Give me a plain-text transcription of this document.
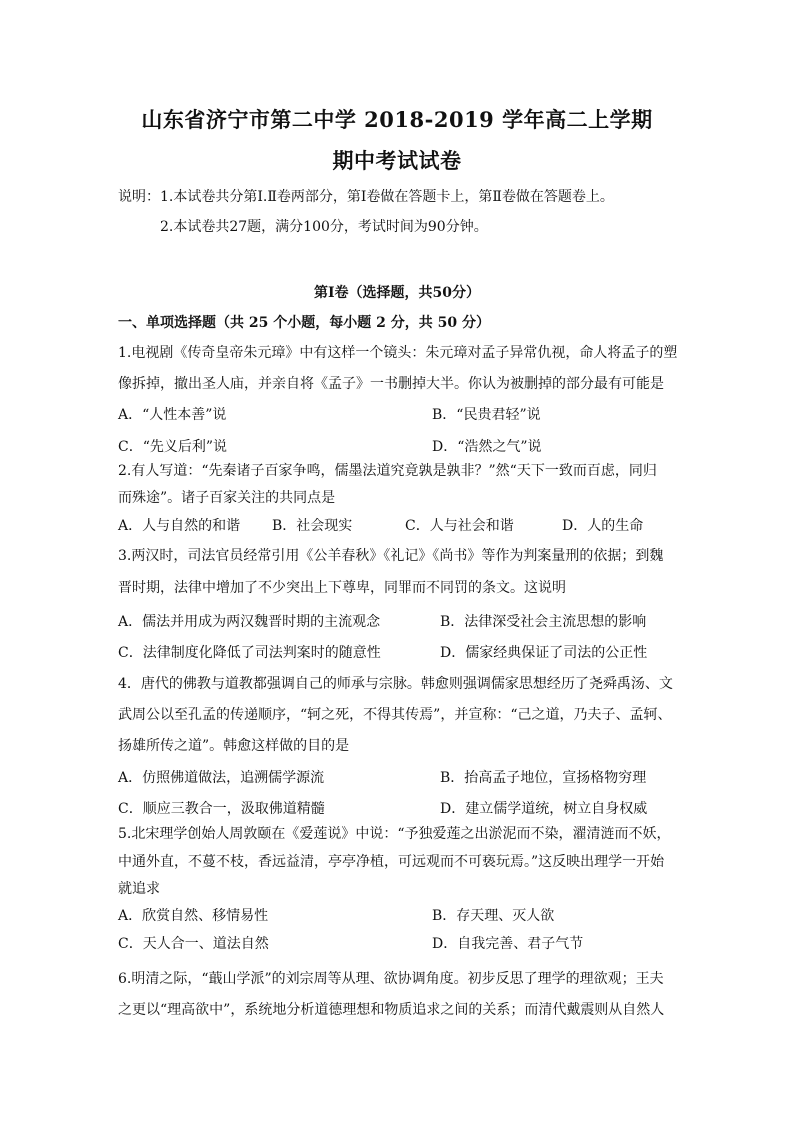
山东省济宁市第二中学 2018-2019 学年高二上学期
期中考试试卷
说明：1.本试卷共分第Ⅰ.Ⅱ卷两部分，第Ⅰ卷做在答题卡上，第Ⅱ卷做在答题卷上。
2.本试卷共27题，满分100分，考试时间为90分钟。
第Ⅰ卷（选择题，共50分）
一、单项选择题（共 25 个小题，每小题 2 分，共 50 分）
1.电视剧《传奇皇帝朱元璋》中有这样一个镜头：朱元璋对孟子异常仇视，命人将孟子的塑
像拆掉，撤出圣人庙，并亲自将《孟子》一书删掉大半。你认为被删掉的部分最有可能是
A．“人性本善”说	B．“民贵君轻”说
C．“先义后利”说	D．“浩然之气”说
2.有人写道：“先秦诸子百家争鸣，儒墨法道究竟孰是孰非？”然“天下一致而百虑，同归
而殊途”。诸子百家关注的共同点是
A．人与自然的和谐 B．社会现实	C．人与社会和谐	D．人的生命
3.两汉时，司法官员经常引用《公羊春秋》《礼记》《尚书》等作为判案量刑的依据；到魏
晋时期，法律中增加了不少突出上下尊卑，同罪而不同罚的条文。这说明
A．儒法并用成为两汉魏晋时期的主流观念	B．法律深受社会主流思想的影响
C．法律制度化降低了司法判案时的随意性	D．儒家经典保证了司法的公正性
4．唐代的佛教与道教都强调自己的师承与宗脉。韩愈则强调儒家思想经历了尧舜禹汤、文
武周公以至孔孟的传递顺序，“轲之死，不得其传焉”，并宣称：“己之道，乃夫子、孟轲、
扬雄所传之道”。韩愈这样做的目的是
A．仿照佛道做法，追溯儒学源流	B．抬高孟子地位，宣扬格物穷理
C．顺应三教合一，汲取佛道精髓	D．建立儒学道统，树立自身权威
5.北宋理学创始人周敦颐在《爱莲说》中说：“予独爱莲之出淤泥而不染，濯清涟而不妖，
中通外直，不蔓不枝，香远益清，亭亭净植，可远观而不可亵玩焉。”这反映出理学一开始
就追求
A．欣赏自然、移情易性	B．存天理、灭人欲
C．天人合一、道法自然	D．自我完善、君子气节
6.明清之际，“蕺山学派”的刘宗周等从理、欲协调角度。初步反思了理学的理欲观；王夫
之更以“理高欲中”，系统地分析道德理想和物质追求之间的关系；而清代戴震则从自然人
